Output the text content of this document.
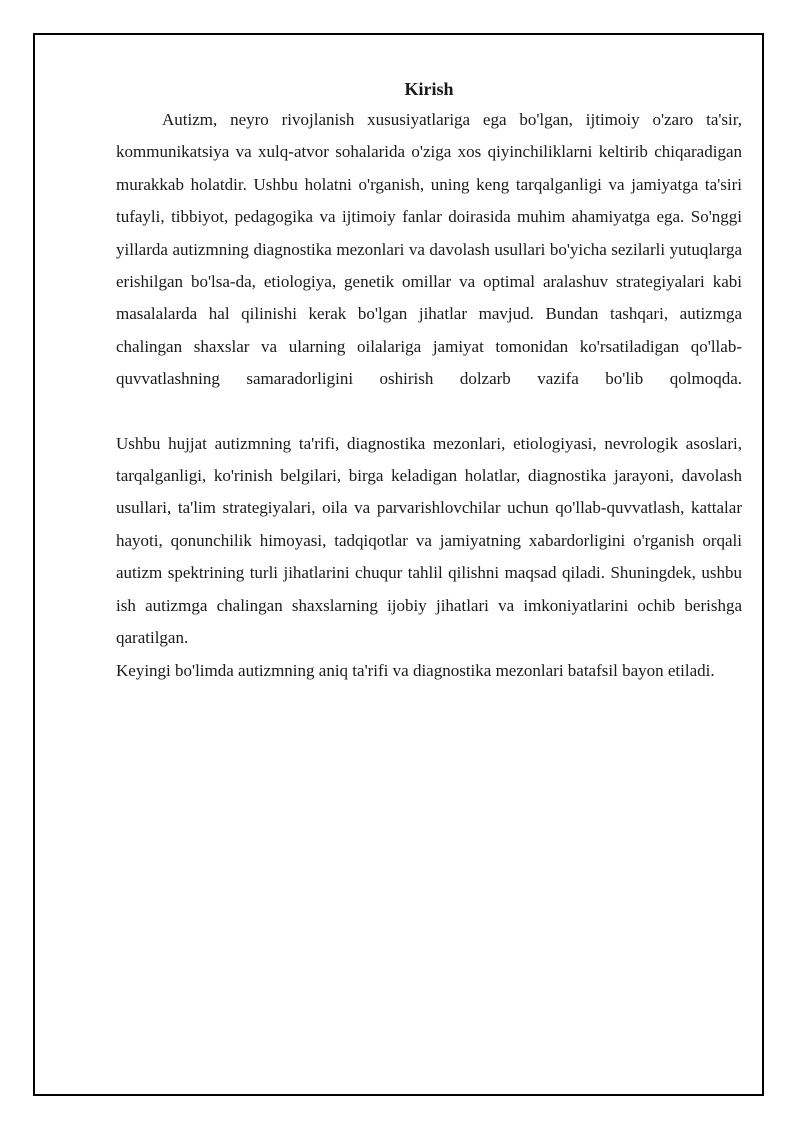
Kirish

Autizm, neyro rivojlanish xususiyatlariga ega bo'lgan, ijtimoiy o'zaro ta'sir, kommunikatsiya va xulq-atvor sohalarida o'ziga xos qiyinchiliklarni keltirib chiqaradigan murakkab holatdir. Ushbu holatni o'rganish, uning keng tarqalganligi va jamiyatga ta'siri tufayli, tibbiyot, pedagogika va ijtimoiy fanlar doirasida muhim ahamiyatga ega. So'nggi yillarda autizmning diagnostika mezonlari va davolash usullari bo'yicha sezilarli yutuqlarga erishilgan bo'lsa-da, etiologiya, genetik omillar va optimal aralashuv strategiyalari kabi masalalarda hal qilinishi kerak bo'lgan jihatlar mavjud. Bundan tashqari, autizmga chalingan shaxslar va ularning oilalariga jamiyat tomonidan ko'rsatiladigan qo'llab-quvvatlashning samaradorligini oshirish dolzarb vazifa bo'lib qolmoqda.

Ushbu hujjat autizmning ta'rifi, diagnostika mezonlari, etiologiyasi, nevrologik asoslari, tarqalganligi, ko'rinish belgilari, birga keladigan holatlar, diagnostika jarayoni, davolash usullari, ta'lim strategiyalari, oila va parvarishlovchilar uchun qo'llab-quvvatlash, kattalar hayoti, qonunchilik himoyasi, tadqiqotlar va jamiyatning xabardorligini o'rganish orqali autizm spektrining turli jihatlarini chuqur tahlil qilishni maqsad qiladi. Shuningdek, ushbu ish autizmga chalingan shaxslarning ijobiy jihatlari va imkoniyatlarini ochib berishga qaratilgan.
Keyingi bo'limda autizmning aniq ta'rifi va diagnostika mezonlari batafsil bayon etiladi.
